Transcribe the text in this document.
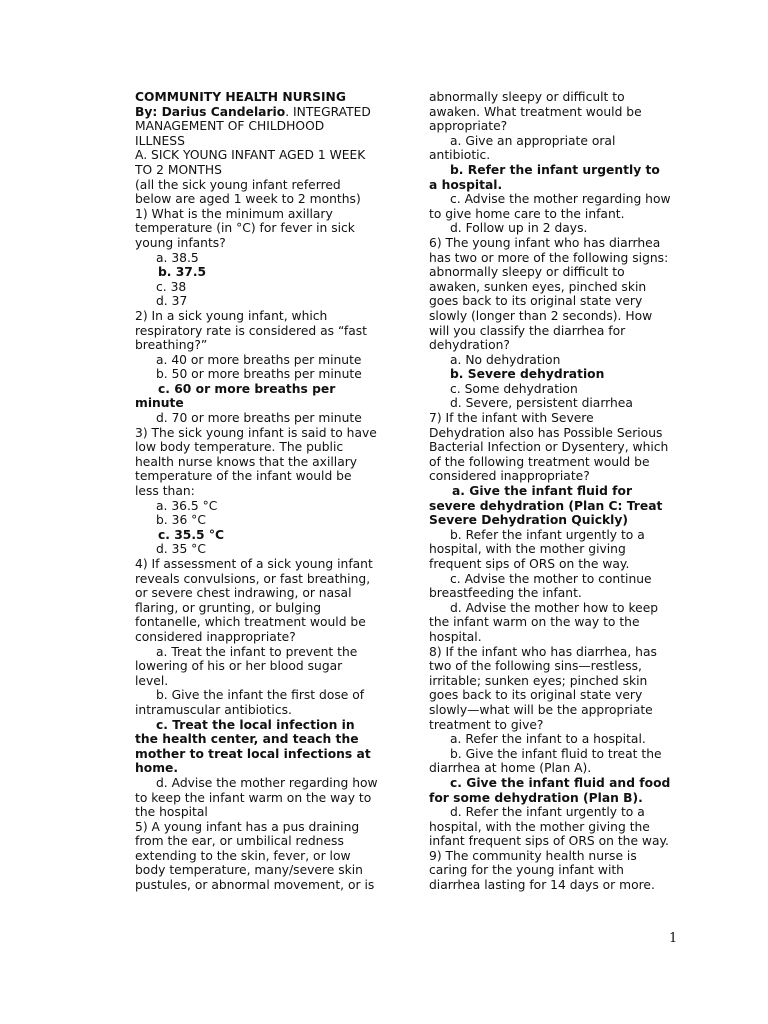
COMMUNITY HEALTH NURSING
By: Darius Candelario. INTEGRATED
MANAGEMENT OF CHILDHOOD
ILLNESS
A. SICK YOUNG INFANT AGED 1 WEEK
TO 2 MONTHS
(all the sick young infant referred
below are aged 1 week to 2 months)
1) What is the minimum axillary
temperature (in °C) for fever in sick
young infants?
a. 38.5
b. 37.5
c. 38
d. 37
2) In a sick young infant, which
respiratory rate is considered as “fast
breathing?”
a. 40 or more breaths per minute
b. 50 or more breaths per minute
c. 60 or more breaths per
minute
d. 70 or more breaths per minute
3) The sick young infant is said to have
low body temperature. The public
health nurse knows that the axillary
temperature of the infant would be
less than:
a. 36.5 °C
b. 36 °C
c. 35.5 °C
d. 35 °C
4) If assessment of a sick young infant
reveals convulsions, or fast breathing,
or severe chest indrawing, or nasal
flaring, or grunting, or bulging
fontanelle, which treatment would be
considered inappropriate?
a. Treat the infant to prevent the
lowering of his or her blood sugar
level.
b. Give the infant the first dose of
intramuscular antibiotics.
c. Treat the local infection in
the health center, and teach the
mother to treat local infections at
home.
d. Advise the mother regarding how
to keep the infant warm on the way to
the hospital
5) A young infant has a pus draining
from the ear, or umbilical redness
extending to the skin, fever, or low
body temperature, many/severe skin
pustules, or abnormal movement, or is
abnormally sleepy or difficult to
awaken. What treatment would be
appropriate?
a. Give an appropriate oral
antibiotic.
b. Refer the infant urgently to
a hospital.
c. Advise the mother regarding how
to give home care to the infant.
d. Follow up in 2 days.
6) The young infant who has diarrhea
has two or more of the following signs:
abnormally sleepy or difficult to
awaken, sunken eyes, pinched skin
goes back to its original state very
slowly (longer than 2 seconds). How
will you classify the diarrhea for
dehydration?
a. No dehydration
b. Severe dehydration
c. Some dehydration
d. Severe, persistent diarrhea
7) If the infant with Severe
Dehydration also has Possible Serious
Bacterial Infection or Dysentery, which
of the following treatment would be
considered inappropriate?
a. Give the infant fluid for
severe dehydration (Plan C: Treat
Severe Dehydration Quickly)
b. Refer the infant urgently to a
hospital, with the mother giving
frequent sips of ORS on the way.
c. Advise the mother to continue
breastfeeding the infant.
d. Advise the mother how to keep
the infant warm on the way to the
hospital.
8) If the infant who has diarrhea, has
two of the following sins—restless,
irritable; sunken eyes; pinched skin
goes back to its original state very
slowly—what will be the appropriate
treatment to give?
a. Refer the infant to a hospital.
b. Give the infant fluid to treat the
diarrhea at home (Plan A).
c. Give the infant fluid and food
for some dehydration (Plan B).
d. Refer the infant urgently to a
hospital, with the mother giving the
infant frequent sips of ORS on the way.
9) The community health nurse is
caring for the young infant with
diarrhea lasting for 14 days or more.
1
